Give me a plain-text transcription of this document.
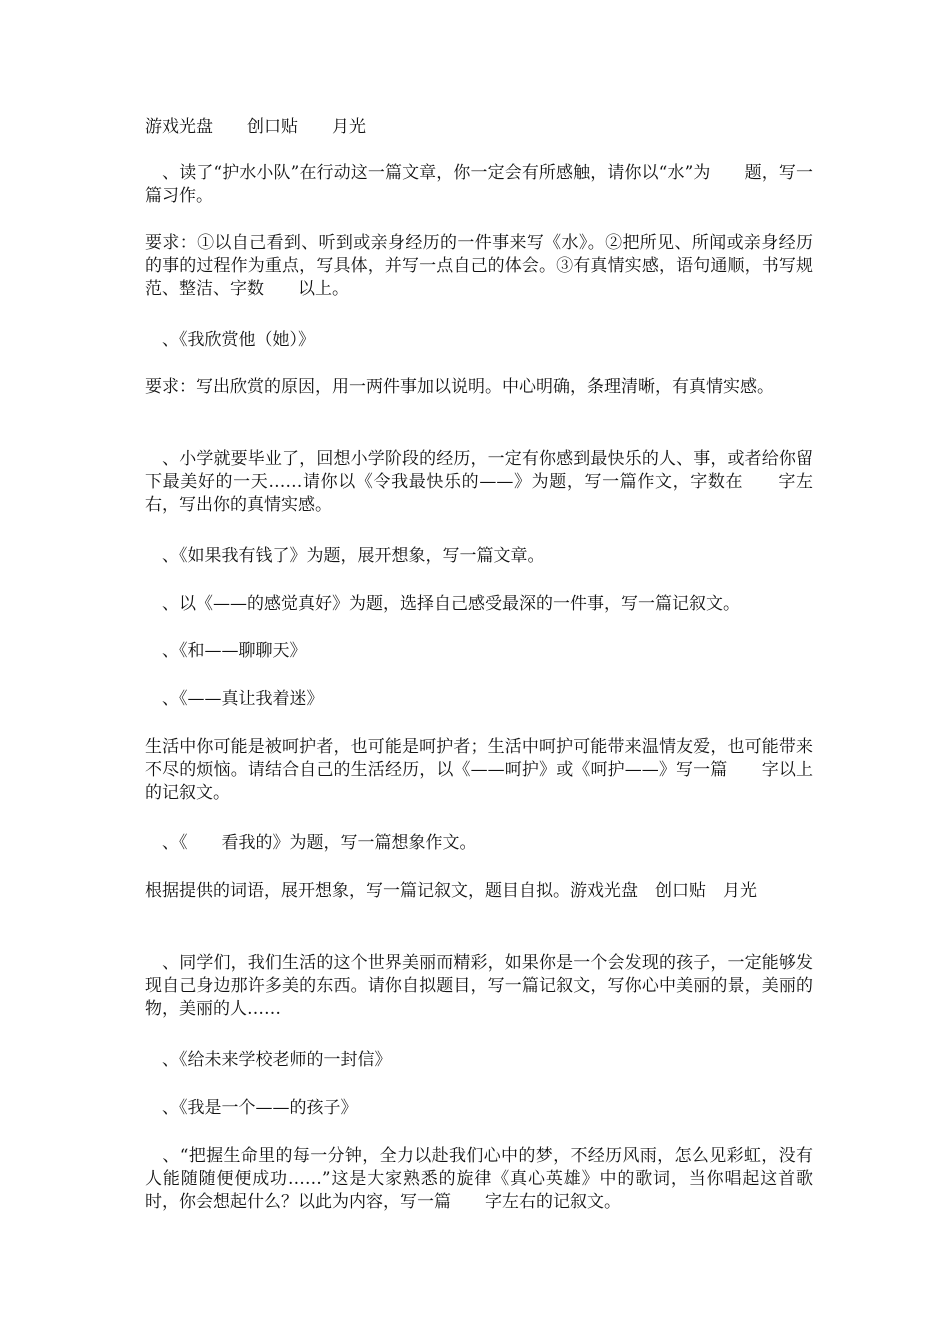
游戏光盘　　创口贴　　月光

　、读了“护水小队”在行动这一篇文章，你一定会有所感触，请你以“水”为　　题，写一篇习作。

要求：①以自己看到、听到或亲身经历的一件事来写《水》。②把所见、所闻或亲身经历的事的过程作为重点，写具体，并写一点自己的体会。③有真情实感，语句通顺，书写规范、整洁、字数　　以上。

　、《我欣赏他（她）》

要求：写出欣赏的原因，用一两件事加以说明。中心明确，条理清晰，有真情实感。

　、小学就要毕业了，回想小学阶段的经历，一定有你感到最快乐的人、事，或者给你留下最美好的一天……请你以《令我最快乐的——》为题，写一篇作文，字数在　　字左右，写出你的真情实感。

　、《如果我有钱了》为题，展开想象，写一篇文章。

　、以《——的感觉真好》为题，选择自己感受最深的一件事，写一篇记叙文。

　、《和——聊聊天》

　、《——真让我着迷》

生活中你可能是被呵护者，也可能是呵护者；生活中呵护可能带来温情友爱，也可能带来不尽的烦恼。请结合自己的生活经历，以《——呵护》或《呵护——》写一篇　　字以上的记叙文。

　、《　　看我的》为题，写一篇想象作文。

根据提供的词语，展开想象，写一篇记叙文，题目自拟。游戏光盘　创口贴　月光

　、同学们，我们生活的这个世界美丽而精彩，如果你是一个会发现的孩子，一定能够发现自己身边那许多美的东西。请你自拟题目，写一篇记叙文，写你心中美丽的景，美丽的物，美丽的人……

　、《给未来学校老师的一封信》

　、《我是一个——的孩子》

　、“把握生命里的每一分钟，全力以赴我们心中的梦，不经历风雨，怎么见彩虹，没有人能随随便便成功……”这是大家熟悉的旋律《真心英雄》中的歌词，当你唱起这首歌时，你会想起什么？以此为内容，写一篇　　字左右的记叙文。
